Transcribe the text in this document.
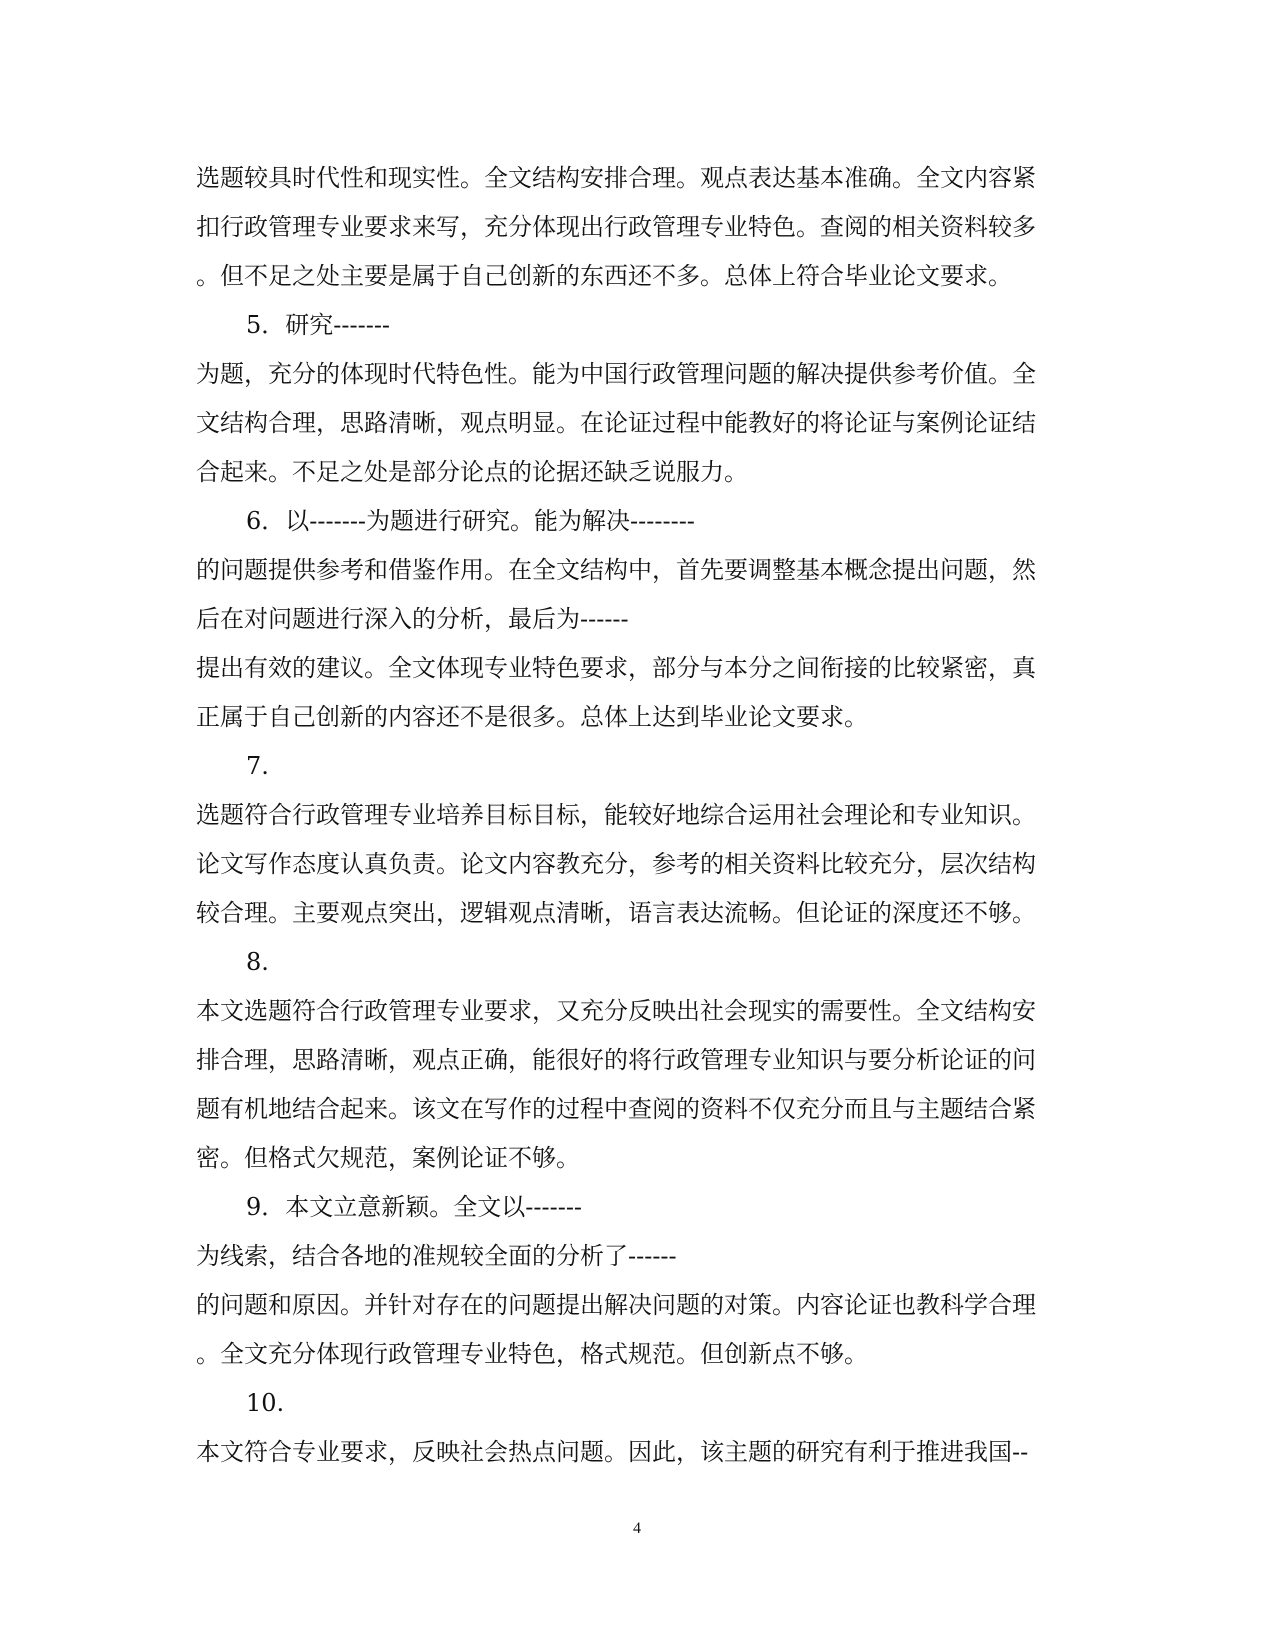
选题较具时代性和现实性。全文结构安排合理。观点表达基本准确。全文内容紧
扣行政管理专业要求来写，充分体现出行政管理专业特色。查阅的相关资料较多
。但不足之处主要是属于自己创新的东西还不多。总体上符合毕业论文要求。
5．研究-------
为题，充分的体现时代特色性。能为中国行政管理问题的解决提供参考价值。全
文结构合理，思路清晰，观点明显。在论证过程中能教好的将论证与案例论证结
合起来。不足之处是部分论点的论据还缺乏说服力。
6．以-------为题进行研究。能为解决--------
的问题提供参考和借鉴作用。在全文结构中，首先要调整基本概念提出问题，然
后在对问题进行深入的分析，最后为------
提出有效的建议。全文体现专业特色要求，部分与本分之间衔接的比较紧密，真
正属于自己创新的内容还不是很多。总体上达到毕业论文要求。
7.
选题符合行政管理专业培养目标目标，能较好地综合运用社会理论和专业知识。
论文写作态度认真负责。论文内容教充分，参考的相关资料比较充分，层次结构
较合理。主要观点突出，逻辑观点清晰，语言表达流畅。但论证的深度还不够。
8.
本文选题符合行政管理专业要求，又充分反映出社会现实的需要性。全文结构安
排合理，思路清晰，观点正确，能很好的将行政管理专业知识与要分析论证的问
题有机地结合起来。该文在写作的过程中查阅的资料不仅充分而且与主题结合紧
密。但格式欠规范，案例论证不够。
9．本文立意新颖。全文以-------
为线索，结合各地的准规较全面的分析了------
的问题和原因。并针对存在的问题提出解决问题的对策。内容论证也教科学合理
。全文充分体现行政管理专业特色，格式规范。但创新点不够。
10.
本文符合专业要求，反映社会热点问题。因此，该主题的研究有利于推进我国--
4
